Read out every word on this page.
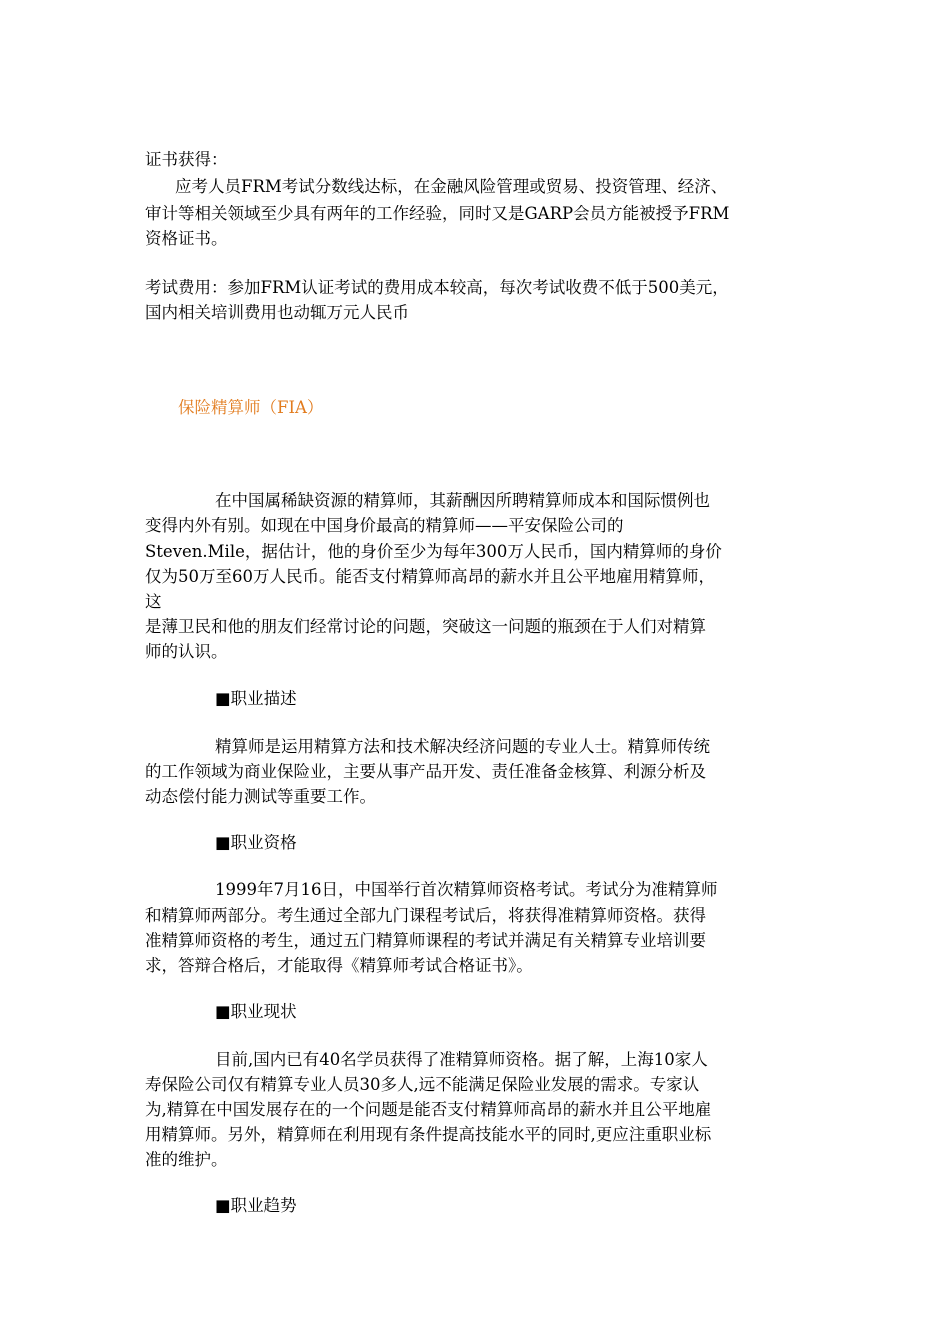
证书获得：

应考人员FRM考试分数线达标，在金融风险管理或贸易、投资管理、经济、

审计等相关领域至少具有两年的工作经验，同时又是GARP会员方能被授予FRM

资格证书。

考试费用：参加FRM认证考试的费用成本较高，每次考试收费不低于500美元，

国内相关培训费用也动辄万元人民币

保险精算师（FIA）

在中国属稀缺资源的精算师，其薪酬因所聘精算师成本和国际惯例也

变得内外有别。如现在中国身价最高的精算师——平安保险公司的

Steven.Mile，据估计，他的身价至少为每年300万人民币，国内精算师的身价

仅为50万至60万人民币。能否支付精算师高昂的薪水并且公平地雇用精算师，

这

是薄卫民和他的朋友们经常讨论的问题，突破这一问题的瓶颈在于人们对精算

师的认识。

■职业描述

精算师是运用精算方法和技术解决经济问题的专业人士。精算师传统

的工作领域为商业保险业，主要从事产品开发、责任准备金核算、利源分析及

动态偿付能力测试等重要工作。

■职业资格

1999年7月16日，中国举行首次精算师资格考试。考试分为准精算师

和精算师两部分。考生通过全部九门课程考试后，将获得准精算师资格。获得

准精算师资格的考生，通过五门精算师课程的考试并满足有关精算专业培训要

求，答辩合格后，才能取得《精算师考试合格证书》。

■职业现状

目前,国内已有40名学员获得了准精算师资格。据了解，上海10家人

寿保险公司仅有精算专业人员30多人,远不能满足保险业发展的需求。专家认

为,精算在中国发展存在的一个问题是能否支付精算师高昂的薪水并且公平地雇

用精算师。另外，精算师在利用现有条件提高技能水平的同时,更应注重职业标

准的维护。

■职业趋势
